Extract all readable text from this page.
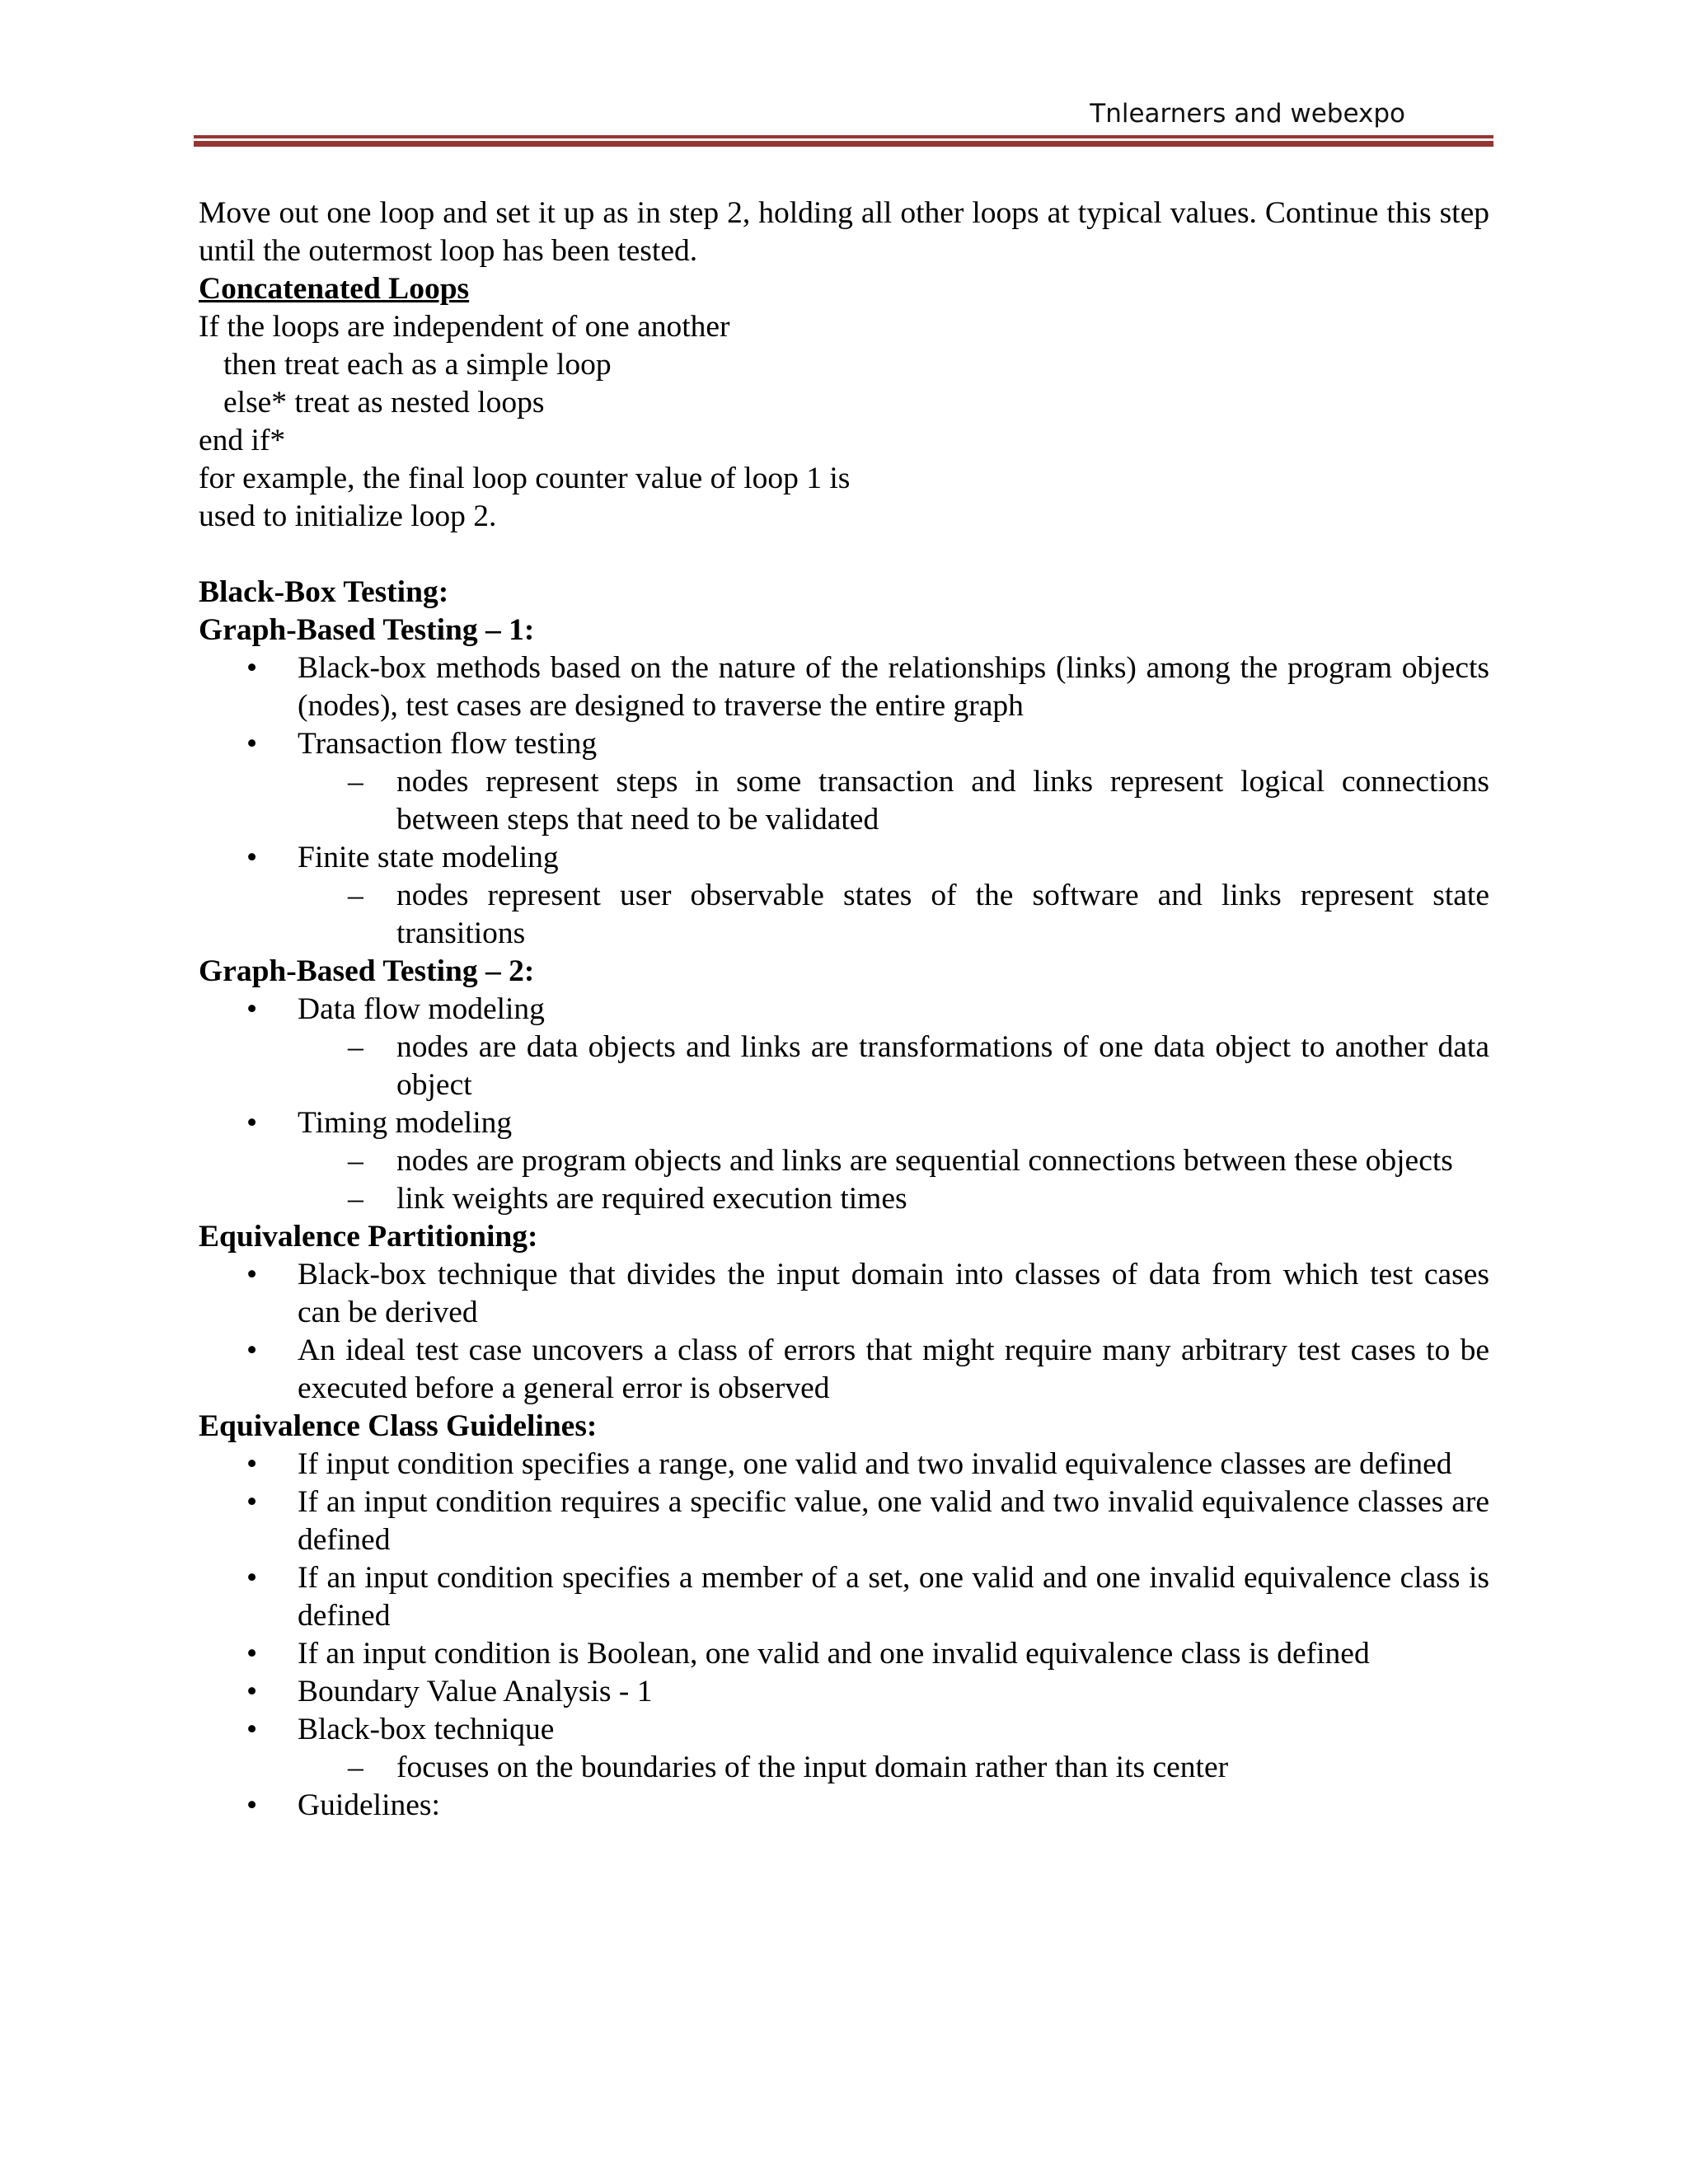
Tnlearners and webexpo

Move out one loop and set it up as in step 2, holding all other loops at typical values. Continue this step until the outermost loop has been tested.

Concatenated Loops

If the loops are independent of one another

then treat each as a simple loop

else* treat as nested loops

end if*

for example, the final loop counter value of loop 1 is

used to initialize loop 2.

Black-Box Testing:

Graph-Based Testing – 1:

• Black-box methods based on the nature of the relationships (links) among the program objects (nodes), test cases are designed to traverse the entire graph

• Transaction flow testing

– nodes represent steps in some transaction and links represent logical connections between steps that need to be validated

• Finite state modeling

– nodes represent user observable states of the software and links represent state transitions

Graph-Based Testing – 2:

• Data flow modeling

– nodes are data objects and links are transformations of one data object to another data object

• Timing modeling

– nodes are program objects and links are sequential connections between these objects

– link weights are required execution times

Equivalence Partitioning:

• Black-box technique that divides the input domain into classes of data from which test cases can be derived

• An ideal test case uncovers a class of errors that might require many arbitrary test cases to be executed before a general error is observed

Equivalence Class Guidelines:

• If input condition specifies a range, one valid and two invalid equivalence classes are defined

• If an input condition requires a specific value, one valid and two invalid equivalence classes are defined

• If an input condition specifies a member of a set, one valid and one invalid equivalence class is defined

• If an input condition is Boolean, one valid and one invalid equivalence class is defined

• Boundary Value Analysis - 1

• Black-box technique

– focuses on the boundaries of the input domain rather than its center

• Guidelines:
